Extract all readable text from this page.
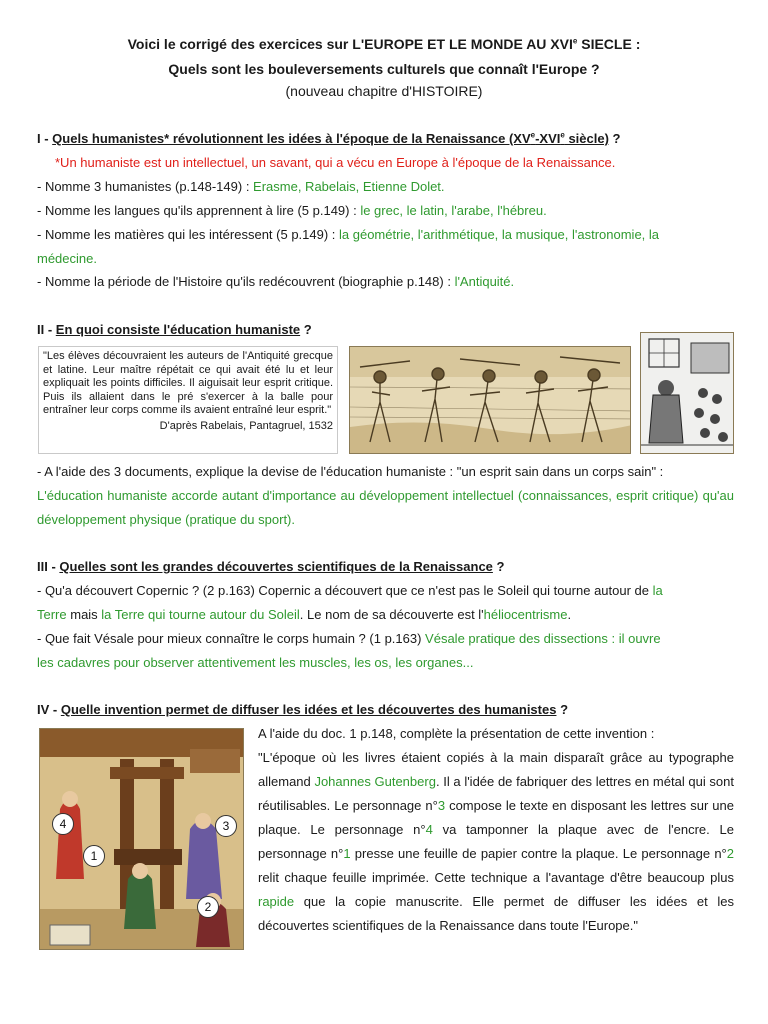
Voici le corrigé des exercices sur L'EUROPE ET LE MONDE AU XVIe SIECLE :
Quels sont les bouleversements culturels que connaît l'Europe ?
(nouveau chapitre d'HISTOIRE)
I - Quels humanistes* révolutionnent les idées à l'époque de la Renaissance (XVe-XVIe siècle) ?
*Un humaniste est un intellectuel, un savant, qui a vécu en Europe à l'époque de la Renaissance.
- Nomme 3 humanistes (p.148-149) : Erasme, Rabelais, Etienne Dolet.
- Nomme les langues qu'ils apprennent à lire (5 p.149) : le grec, le latin, l'arabe, l'hébreu.
- Nomme les matières qui les intéressent (5 p.149) : la géométrie, l'arithmétique, la musique, l'astronomie, la
médecine.
- Nomme la période de l'Histoire qu'ils redécouvrent (biographie p.148) : l'Antiquité.
II - En quoi consiste l'éducation humaniste ?
"Les élèves découvraient les auteurs de l'Antiquité grecque et latine. Leur maître répétait ce qui avait été lu et leur expliquait les points difficiles. Il aiguisait leur esprit critique. Puis ils allaient dans le pré s'exercer à la balle pour entraîner leur corps comme ils avaient entraîné leur esprit."
D'après Rabelais, Pantagruel, 1532
- A l'aide des 3 documents, explique la devise de l'éducation humaniste : "un esprit sain dans un corps sain" :
L'éducation humaniste accorde autant d'importance au développement intellectuel (connaissances, esprit critique) qu'au développement physique (pratique du sport).
III - Quelles sont les grandes découvertes scientifiques de la Renaissance ?
- Qu'a découvert Copernic ? (2 p.163) Copernic a découvert que ce n'est pas le Soleil qui tourne autour de la
Terre mais la Terre qui tourne autour du Soleil. Le nom de sa découverte est l'héliocentrisme.
- Que fait Vésale pour mieux connaître le corps humain ? (1 p.163) Vésale pratique des dissections : il ouvre
les cadavres pour observer attentivement les muscles, les os, les organes...
IV - Quelle invention permet de diffuser les idées et les découvertes des humanistes ?
4	3
1
2
A l'aide du doc. 1 p.148, complète la présentation de cette invention :
"L'époque où les livres étaient copiés à la main disparaît grâce au typographe allemand Johannes Gutenberg. Il a l'idée de fabriquer des lettres en métal qui sont réutilisables. Le personnage n°3 compose le texte en disposant les lettres sur une plaque. Le personnage n°4 va tamponner la plaque avec de l'encre. Le personnage n°1 presse une feuille de papier contre la plaque. Le personnage n°2 relit chaque feuille imprimée. Cette technique a l'avantage d'être beaucoup plus rapide que la copie manuscrite. Elle permet de diffuser les idées et les découvertes scientifiques de la Renaissance dans toute l'Europe."
